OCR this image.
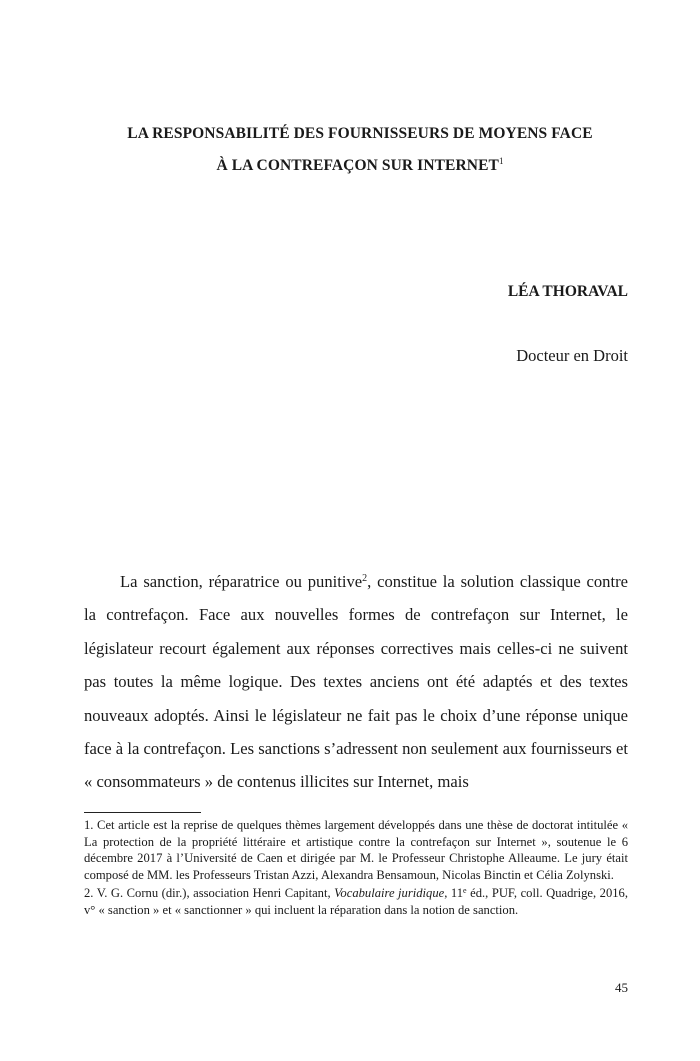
LA RESPONSABILITÉ DES FOURNISSEURS DE MOYENS FACE
À LA CONTREFAÇON SUR INTERNET$^1$
LÉA THORAVAL
Docteur en Droit

La sanction, réparatrice ou punitive$^2$, constitue la solution classique contre la contrefaçon. Face aux nouvelles formes de contrefaçon sur Internet, le législateur recourt également aux réponses correctives mais celles-ci ne suivent pas toutes la même logique. Des textes anciens ont été adaptés et des textes nouveaux adoptés. Ainsi le législateur ne fait pas le choix d’une réponse unique face à la contrefaçon. Les sanctions s’adressent non seulement aux fournisseurs et « consommateurs » de contenus illicites sur Internet, mais

1. Cet article est la reprise de quelques thèmes largement développés dans une thèse de doctorat intitulée « La protection de la propriété littéraire et artistique contre la contrefaçon sur Internet », soutenue le 6 décembre 2017 à l’Université de Caen et dirigée par M. le Professeur Christophe Alleaume. Le jury était composé de MM. les Professeurs Tristan Azzi, Alexandra Bensamoun, Nicolas Binctin et Célia Zolynski.

2. V. G. Cornu (dir.), association Henri Capitant, Vocabulaire juridique, 11e éd., PUF, coll. Quadrige, 2016, v° « sanction » et « sanctionner » qui incluent la réparation dans la notion de sanction.

45
